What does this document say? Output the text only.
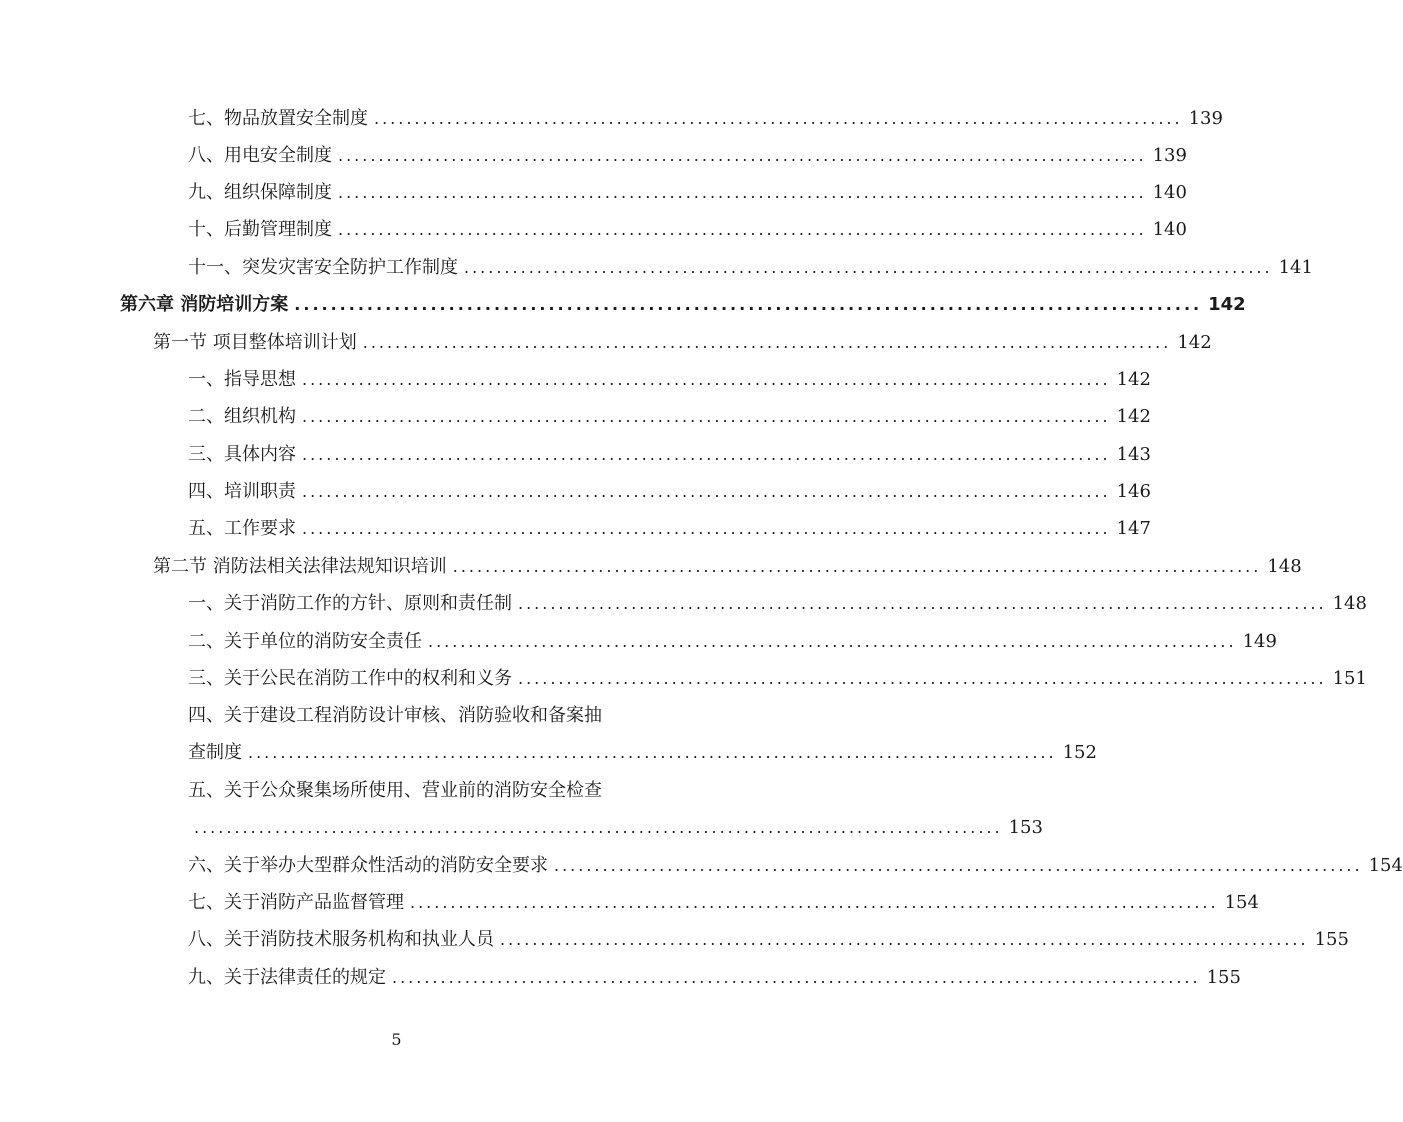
七、物品放置安全制度 .................................................................................................... 139
八、用电安全制度 .................................................................................................... 139
九、组织保障制度 .................................................................................................... 140
十、后勤管理制度 .................................................................................................... 140
十一、突发灾害安全防护工作制度 .................................................................................................... 141
第六章 消防培训方案 .................................................................................................... 142
第一节 项目整体培训计划 .................................................................................................... 142
一、指导思想 .................................................................................................... 142
二、组织机构 .................................................................................................... 142
三、具体内容 .................................................................................................... 143
四、培训职责 .................................................................................................... 146
五、工作要求 .................................................................................................... 147
第二节 消防法相关法律法规知识培训 .................................................................................................... 148
一、关于消防工作的方针、原则和责任制 .................................................................................................... 148
二、关于单位的消防安全责任 .................................................................................................... 149
三、关于公民在消防工作中的权利和义务 .................................................................................................... 151
四、关于建设工程消防设计审核、消防验收和备案抽
查制度 .................................................................................................... 152
五、关于公众聚集场所使用、营业前的消防安全检查
.................................................................................................... 153
六、关于举办大型群众性活动的消防安全要求 .................................................................................................... 154
七、关于消防产品监督管理 .................................................................................................... 154
八、关于消防技术服务机构和执业人员 .................................................................................................... 155
九、关于法律责任的规定 .................................................................................................... 155
5
